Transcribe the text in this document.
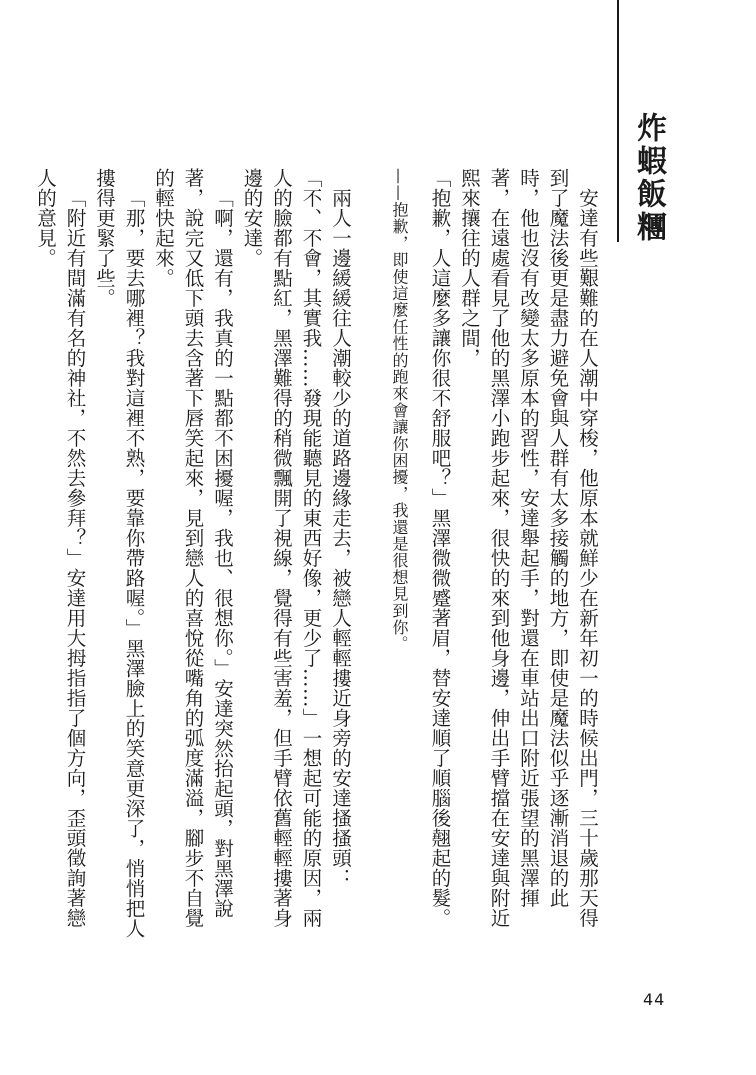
炸蝦飯糰

安達有些艱難的在人潮中穿梭，他原本就鮮少在新年初一的時候出門，三十歲那天得到了魔法後更是盡力避免會與人群有太多接觸的地方，即使是魔法似乎逐漸消退的此時，他也沒有改變太多原本的習性，安達舉起手，對還在車站出口附近張望的黑澤揮著，在遠處看見了他的黑澤小跑步起來，很快的來到他身邊，伸出手臂擋在安達與附近熙來攘往的人群之間，

「抱歉，人這麼多讓你很不舒服吧？」黑澤微微蹙著眉，替安達順了順腦後翹起的髮。

——抱歉，即使這麼任性的跑來會讓你困擾，我還是很想見到你。

兩人一邊緩緩往人潮較少的道路邊緣走去，被戀人輕輕摟近身旁的安達搔搔頭：「不、不會，其實我……發現能聽見的東西好像，更少了……」一想起可能的原因，兩人的臉都有點紅，黑澤難得的稍微飄開了視線，覺得有些害羞，但手臂依舊輕輕摟著身邊的安達。

「啊，還有，我真的一點都不困擾喔，我也、很想你。」安達突然抬起頭，對黑澤說著，說完又低下頭去含著下唇笑起來，見到戀人的喜悅從嘴角的弧度滿溢，腳步不自覺的輕快起來。

「那，要去哪裡？我對這裡不熟，要靠你帶路喔。」黑澤臉上的笑意更深了，悄悄把人摟得更緊了些。

「附近有間滿有名的神社，不然去參拜？」安達用大拇指指了個方向，歪頭徵詢著戀人的意見。

44
